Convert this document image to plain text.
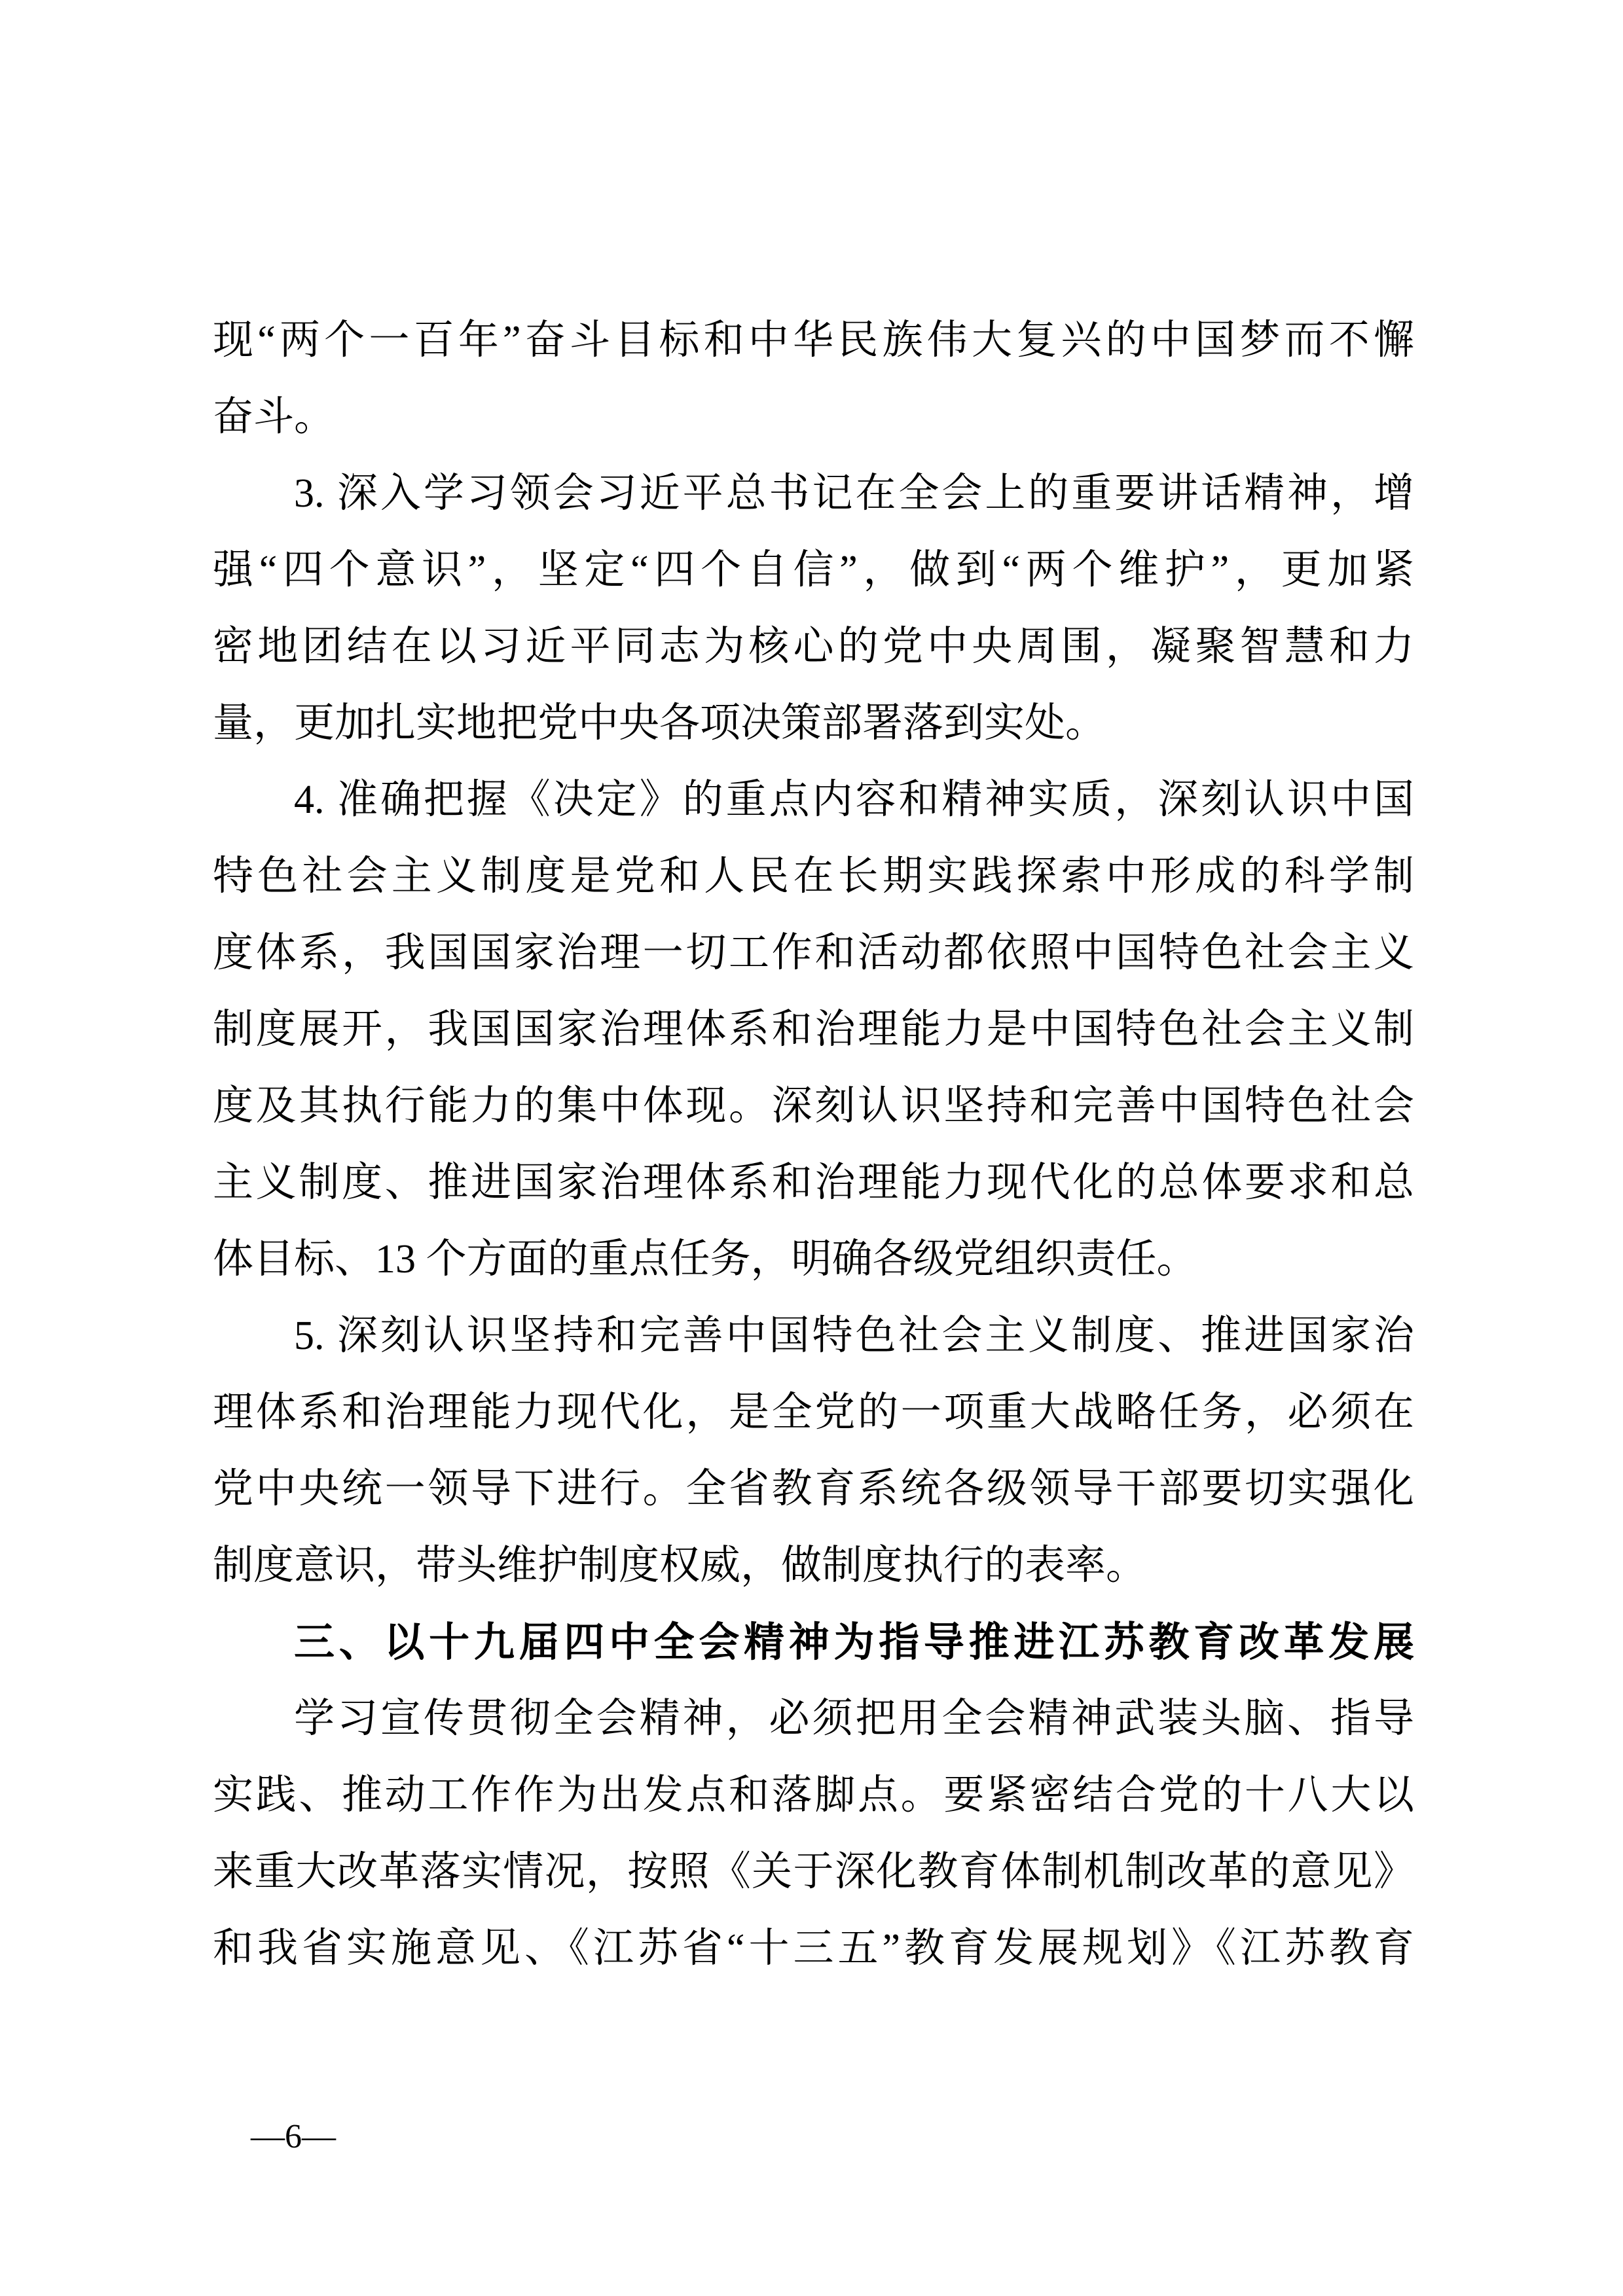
现“两个一百年”奋斗目标和中华民族伟大复兴的中国梦而不懈
奋斗。
3. 深入学习领会习近平总书记在全会上的重要讲话精神，增
强“四个意识”，坚定“四个自信”，做到“两个维护”，更加紧
密地团结在以习近平同志为核心的党中央周围，凝聚智慧和力
量，更加扎实地把党中央各项决策部署落到实处。
4. 准确把握《决定》的重点内容和精神实质，深刻认识中国
特色社会主义制度是党和人民在长期实践探索中形成的科学制
度体系，我国国家治理一切工作和活动都依照中国特色社会主义
制度展开，我国国家治理体系和治理能力是中国特色社会主义制
度及其执行能力的集中体现。深刻认识坚持和完善中国特色社会
主义制度、推进国家治理体系和治理能力现代化的总体要求和总
体目标、13 个方面的重点任务，明确各级党组织责任。
5. 深刻认识坚持和完善中国特色社会主义制度、推进国家治
理体系和治理能力现代化，是全党的一项重大战略任务，必须在
党中央统一领导下进行。全省教育系统各级领导干部要切实强化
制度意识，带头维护制度权威，做制度执行的表率。
三、以十九届四中全会精神为指导推进江苏教育改革发展
学习宣传贯彻全会精神，必须把用全会精神武装头脑、指导
实践、推动工作作为出发点和落脚点。要紧密结合党的十八大以
来重大改革落实情况，按照《关于深化教育体制机制改革的意见》
和我省实施意见、《江苏省“十三五”教育发展规划》《江苏教育
—6—
